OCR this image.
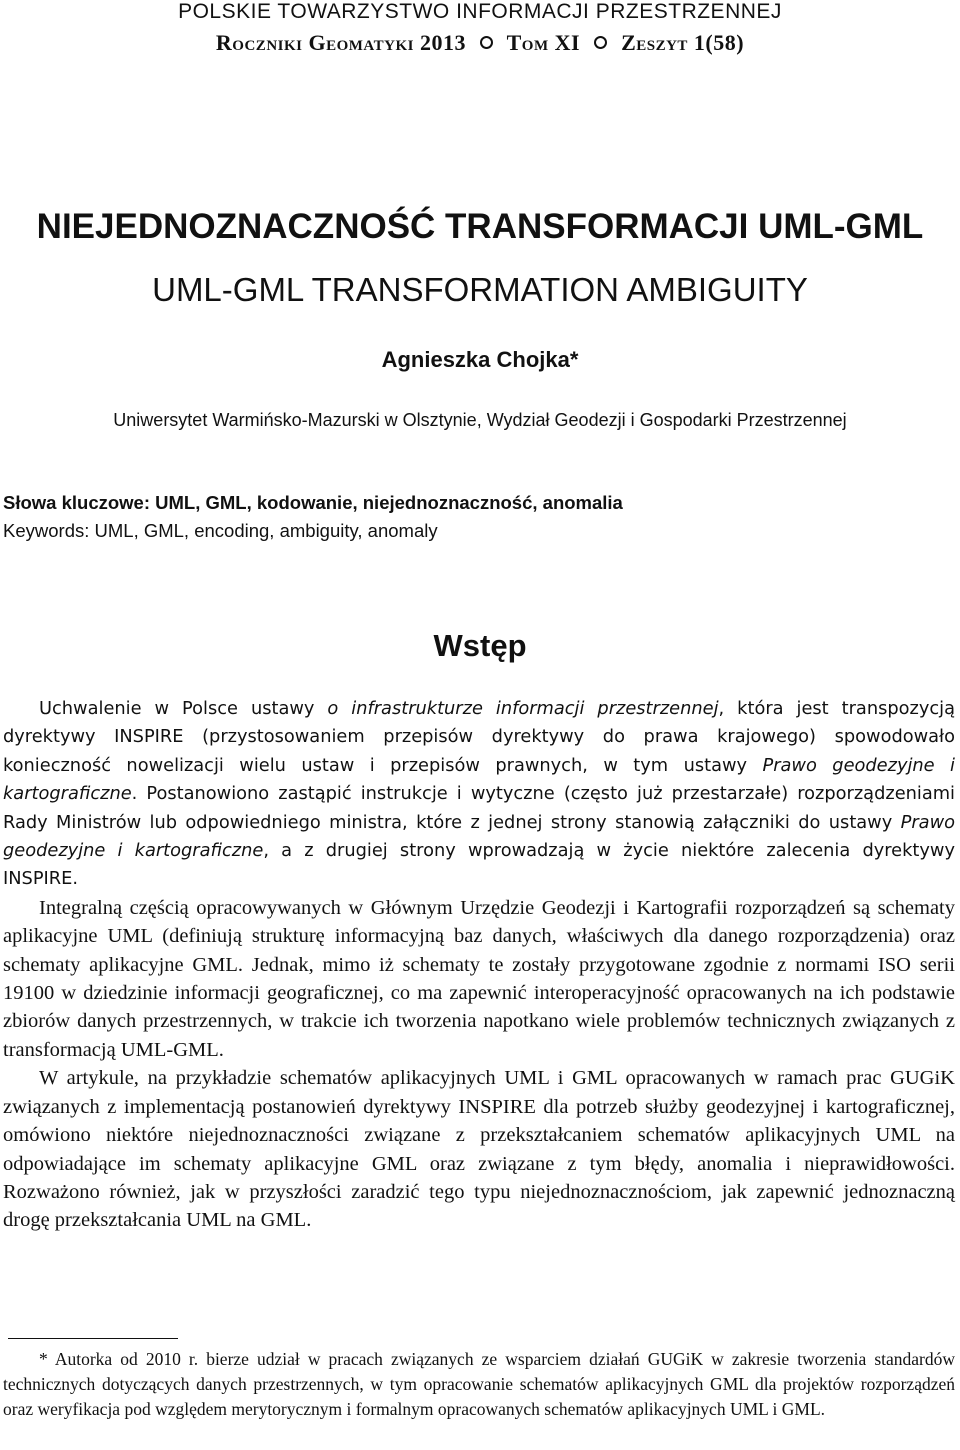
POLSKIE TOWARZYSTWO INFORMACJI PRZESTRZENNEJ
Roczniki Geomatyki 2013 Tom XI Zeszyt 1(58)
NIEJEDNOZNACZNOŚĆ TRANSFORMACJI UML-GML
UML-GML TRANSFORMATION AMBIGUITY
Agnieszka Chojka*
Uniwersytet Warmińsko-Mazurski w Olsztynie, Wydział Geodezji i Gospodarki Przestrzennej
Słowa kluczowe: UML, GML, kodowanie, niejednoznaczność, anomalia
Keywords: UML, GML, encoding, ambiguity, anomaly
Wstęp

Uchwalenie w Polsce ustawy o infrastrukturze informacji przestrzennej, która jest transpozycją dyrektywy INSPIRE (przystosowaniem przepisów dyrektywy do prawa krajowego) spowodowało konieczność nowelizacji wielu ustaw i przepisów prawnych, w tym ustawy Prawo geodezyjne i kartograficzne. Postanowiono zastąpić instrukcje i wytyczne (często już przestarzałe) rozporządzeniami Rady Ministrów lub odpowiedniego ministra, które z jednej strony stanowią załączniki do ustawy Prawo geodezyjne i kartograficzne, a z drugiej strony wprowadzają w życie niektóre zalecenia dyrektywy INSPIRE.

Integralną częścią opracowywanych w Głównym Urzędzie Geodezji i Kartografii rozporządzeń są schematy aplikacyjne UML (definiują strukturę informacyjną baz danych, właściwych dla danego rozporządzenia) oraz schematy aplikacyjne GML. Jednak, mimo iż schematy te zostały przygotowane zgodnie z normami ISO serii 19100 w dziedzinie informacji geograficznej, co ma zapewnić interoperacyjność opracowanych na ich podstawie zbiorów danych przestrzennych, w trakcie ich tworzenia napotkano wiele problemów technicznych związanych z transformacją UML-GML.

W artykule, na przykładzie schematów aplikacyjnych UML i GML opracowanych w ramach prac GUGiK związanych z implementacją postanowień dyrektywy INSPIRE dla potrzeb służby geodezyjnej i kartograficznej, omówiono niektóre niejednoznaczności związane z przekształcaniem schematów aplikacyjnych UML na odpowiadające im schematy aplikacyjne GML oraz związane z tym błędy, anomalia i nieprawidłowości. Rozważono również, jak w przyszłości zaradzić tego typu niejednoznacznościom, jak zapewnić jednoznaczną drogę przekształcania UML na GML.

* Autorka od 2010 r. bierze udział w pracach związanych ze wsparciem działań GUGiK w zakresie tworzenia standardów technicznych dotyczących danych przestrzennych, w tym opracowanie schematów aplikacyjnych GML dla projektów rozporządzeń oraz weryfikacja pod względem merytorycznym i formalnym opracowanych schematów aplikacyjnych UML i GML.
